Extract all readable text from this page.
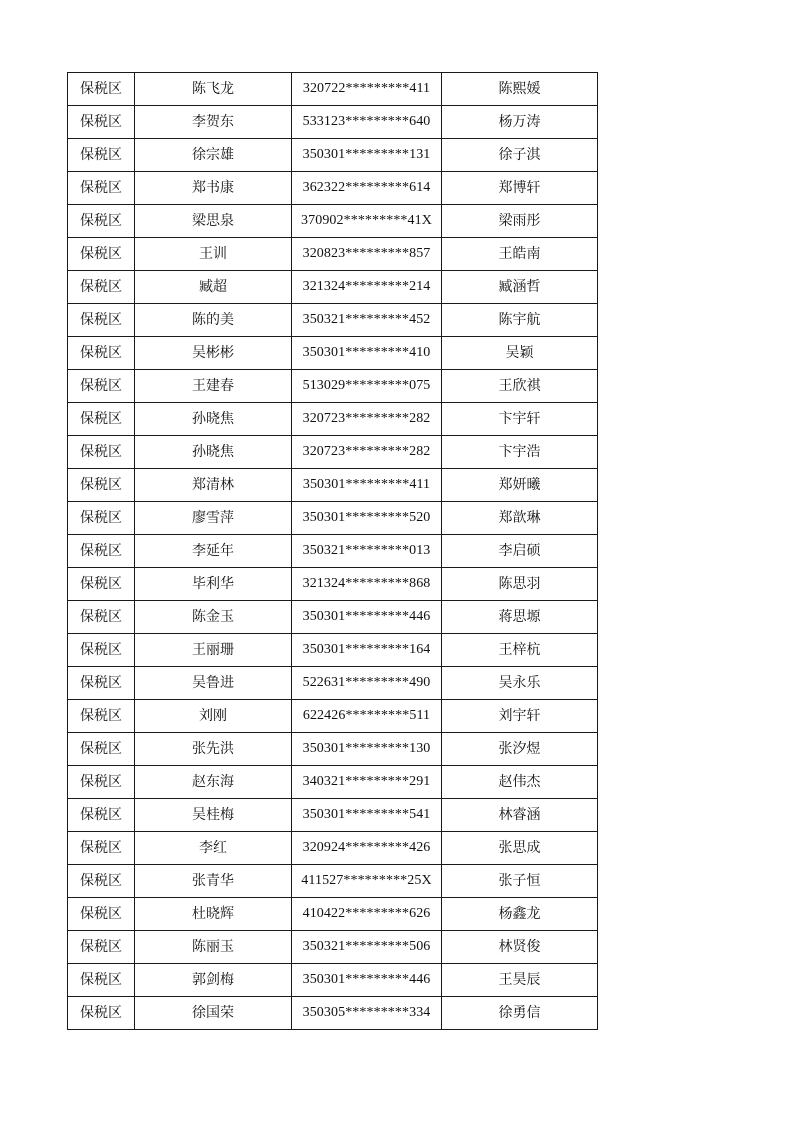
保税区	陈飞龙	320722*********411	陈熙媛
保税区	李贺东	533123*********640	杨万涛
保税区	徐宗雄	350301*********131	徐子淇
保税区	郑书康	362322*********614	郑博轩
保税区	梁思泉	370902*********41X	梁雨彤
保税区	王训	320823*********857	王皓南
保税区	臧超	321324*********214	臧涵哲
保税区	陈的美	350321*********452	陈宇航
保税区	吴彬彬	350301*********410	吴颖
保税区	王建春	513029*********075	王欣祺
保税区	孙晓焦	320723*********282	卞宇轩
保税区	孙晓焦	320723*********282	卞宇浩
保税区	郑清林	350301*********411	郑妍曦
保税区	廖雪萍	350301*********520	郑歆琳
保税区	李延年	350321*********013	李启硕
保税区	毕利华	321324*********868	陈思羽
保税区	陈金玉	350301*********446	蒋思塬
保税区	王丽珊	350301*********164	王梓杭
保税区	吴鲁进	522631*********490	吴永乐
保税区	刘刚	622426*********511	刘宇轩
保税区	张先洪	350301*********130	张汐煜
保税区	赵东海	340321*********291	赵伟杰
保税区	吴桂梅	350301*********541	林睿涵
保税区	李红	320924*********426	张思成
保税区	张青华	411527*********25X	张子恒
保税区	杜晓辉	410422*********626	杨鑫龙
保税区	陈丽玉	350321*********506	林贤俊
保税区	郭剑梅	350301*********446	王昊辰
保税区	徐国荣	350305*********334	徐勇信
